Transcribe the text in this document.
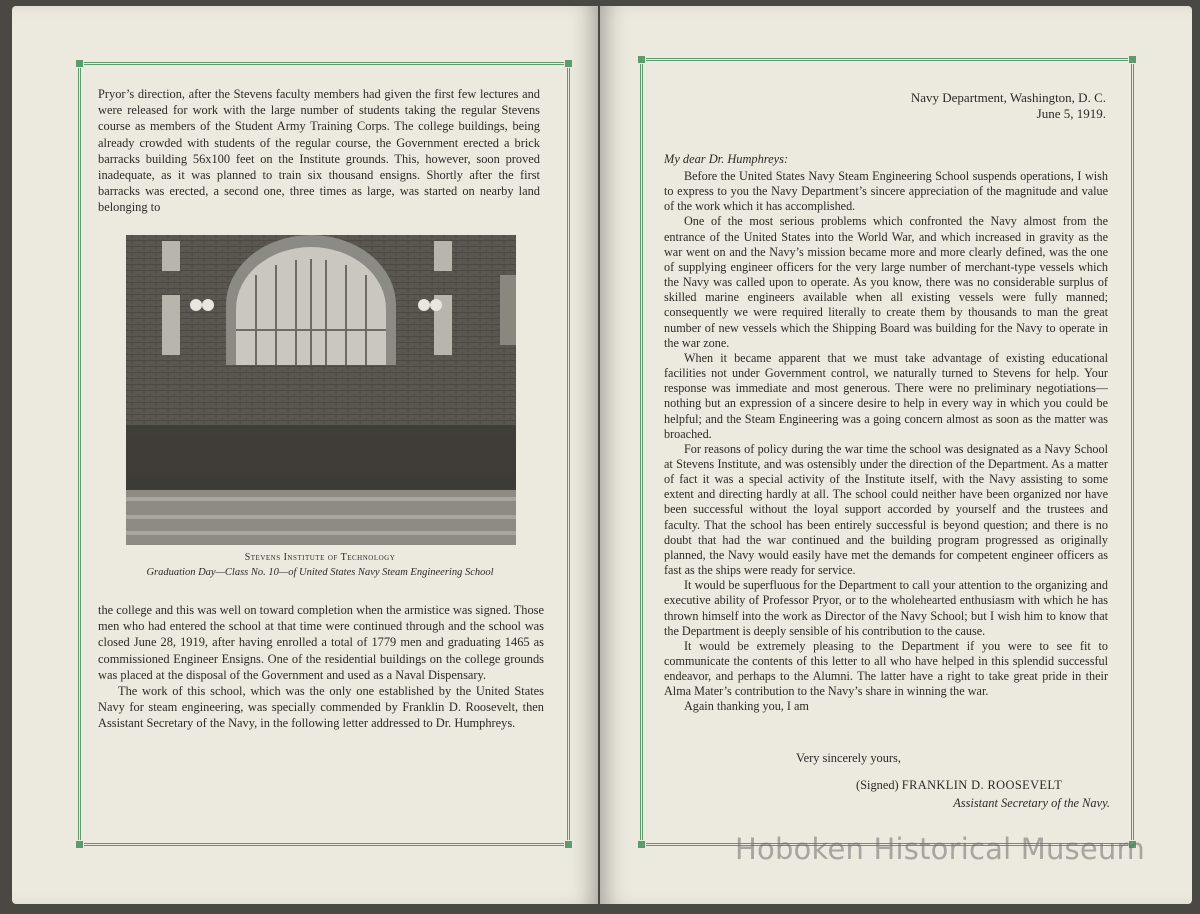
Pryor’s direction, after the Stevens faculty members had given the first few lectures and were released for work with the large number of students taking the regular Stevens course as members of the Student Army Training Corps. The college buildings, being already crowded with students of the regular course, the Government erected a brick barracks building 56x100 feet on the Institute grounds. This, however, soon proved inadequate, as it was planned to train six thousand ensigns. Shortly after the first barracks was erected, a second one, three times as large, was started on nearby land belonging to

Stevens Institute of Technology
Graduation Day—Class No. 10—of United States Navy Steam Engineering School

the college and this was well on toward completion when the armistice was signed. Those men who had entered the school at that time were continued through and the school was closed June 28, 1919, after having enrolled a total of 1779 men and graduating 1465 as commissioned Engineer Ensigns. One of the residential buildings on the college grounds was placed at the disposal of the Government and used as a Naval Dispensary.

The work of this school, which was the only one established by the United States Navy for steam engineering, was specially commended by Franklin D. Roosevelt, then Assistant Secretary of the Navy, in the following letter addressed to Dr. Humphreys.

Navy Department, Washington, D. C.

June 5, 1919.

My dear Dr. Humphreys:

Before the United States Navy Steam Engineering School suspends operations, I wish to express to you the Navy Department’s sincere appreciation of the magnitude and value of the work which it has accomplished.

One of the most serious problems which confronted the Navy almost from the entrance of the United States into the World War, and which increased in gravity as the war went on and the Navy’s mission became more and more clearly defined, was the one of supplying engineer officers for the very large number of merchant-type vessels which the Navy was called upon to operate. As you know, there was no considerable surplus of skilled marine engineers available when all existing vessels were fully manned; consequently we were required literally to create them by thousands to man the great number of new vessels which the Shipping Board was building for the Navy to operate in the war zone.

When it became apparent that we must take advantage of existing educational facilities not under Government control, we naturally turned to Stevens for help. Your response was immediate and most generous. There were no preliminary negotiations—nothing but an expression of a sincere desire to help in every way in which you could be helpful; and the Steam Engineering was a going concern almost as soon as the matter was broached.

For reasons of policy during the war time the school was designated as a Navy School at Stevens Institute, and was ostensibly under the direction of the Department. As a matter of fact it was a special activity of the Institute itself, with the Navy assisting to some extent and directing hardly at all. The school could neither have been organized nor have been successful without the loyal support accorded by yourself and the trustees and faculty. That the school has been entirely successful is beyond question; and there is no doubt that had the war continued and the building program progressed as originally planned, the Navy would easily have met the demands for competent engineer officers as fast as the ships were ready for service.

It would be superfluous for the Department to call your attention to the organizing and executive ability of Professor Pryor, or to the wholehearted enthusiasm with which he has thrown himself into the work as Director of the Navy School; but I wish him to know that the Department is deeply sensible of his contribution to the cause.

It would be extremely pleasing to the Department if you were to see fit to communicate the contents of this letter to all who have helped in this splendid successful endeavor, and perhaps to the Alumni. The latter have a right to take great pride in their Alma Mater’s contribution to the Navy’s share in winning the war.

Again thanking you, I am

Very sincerely yours,
(Signed) FRANKLIN D. ROOSEVELT
Assistant Secretary of the Navy.
Hoboken Historical Museum
